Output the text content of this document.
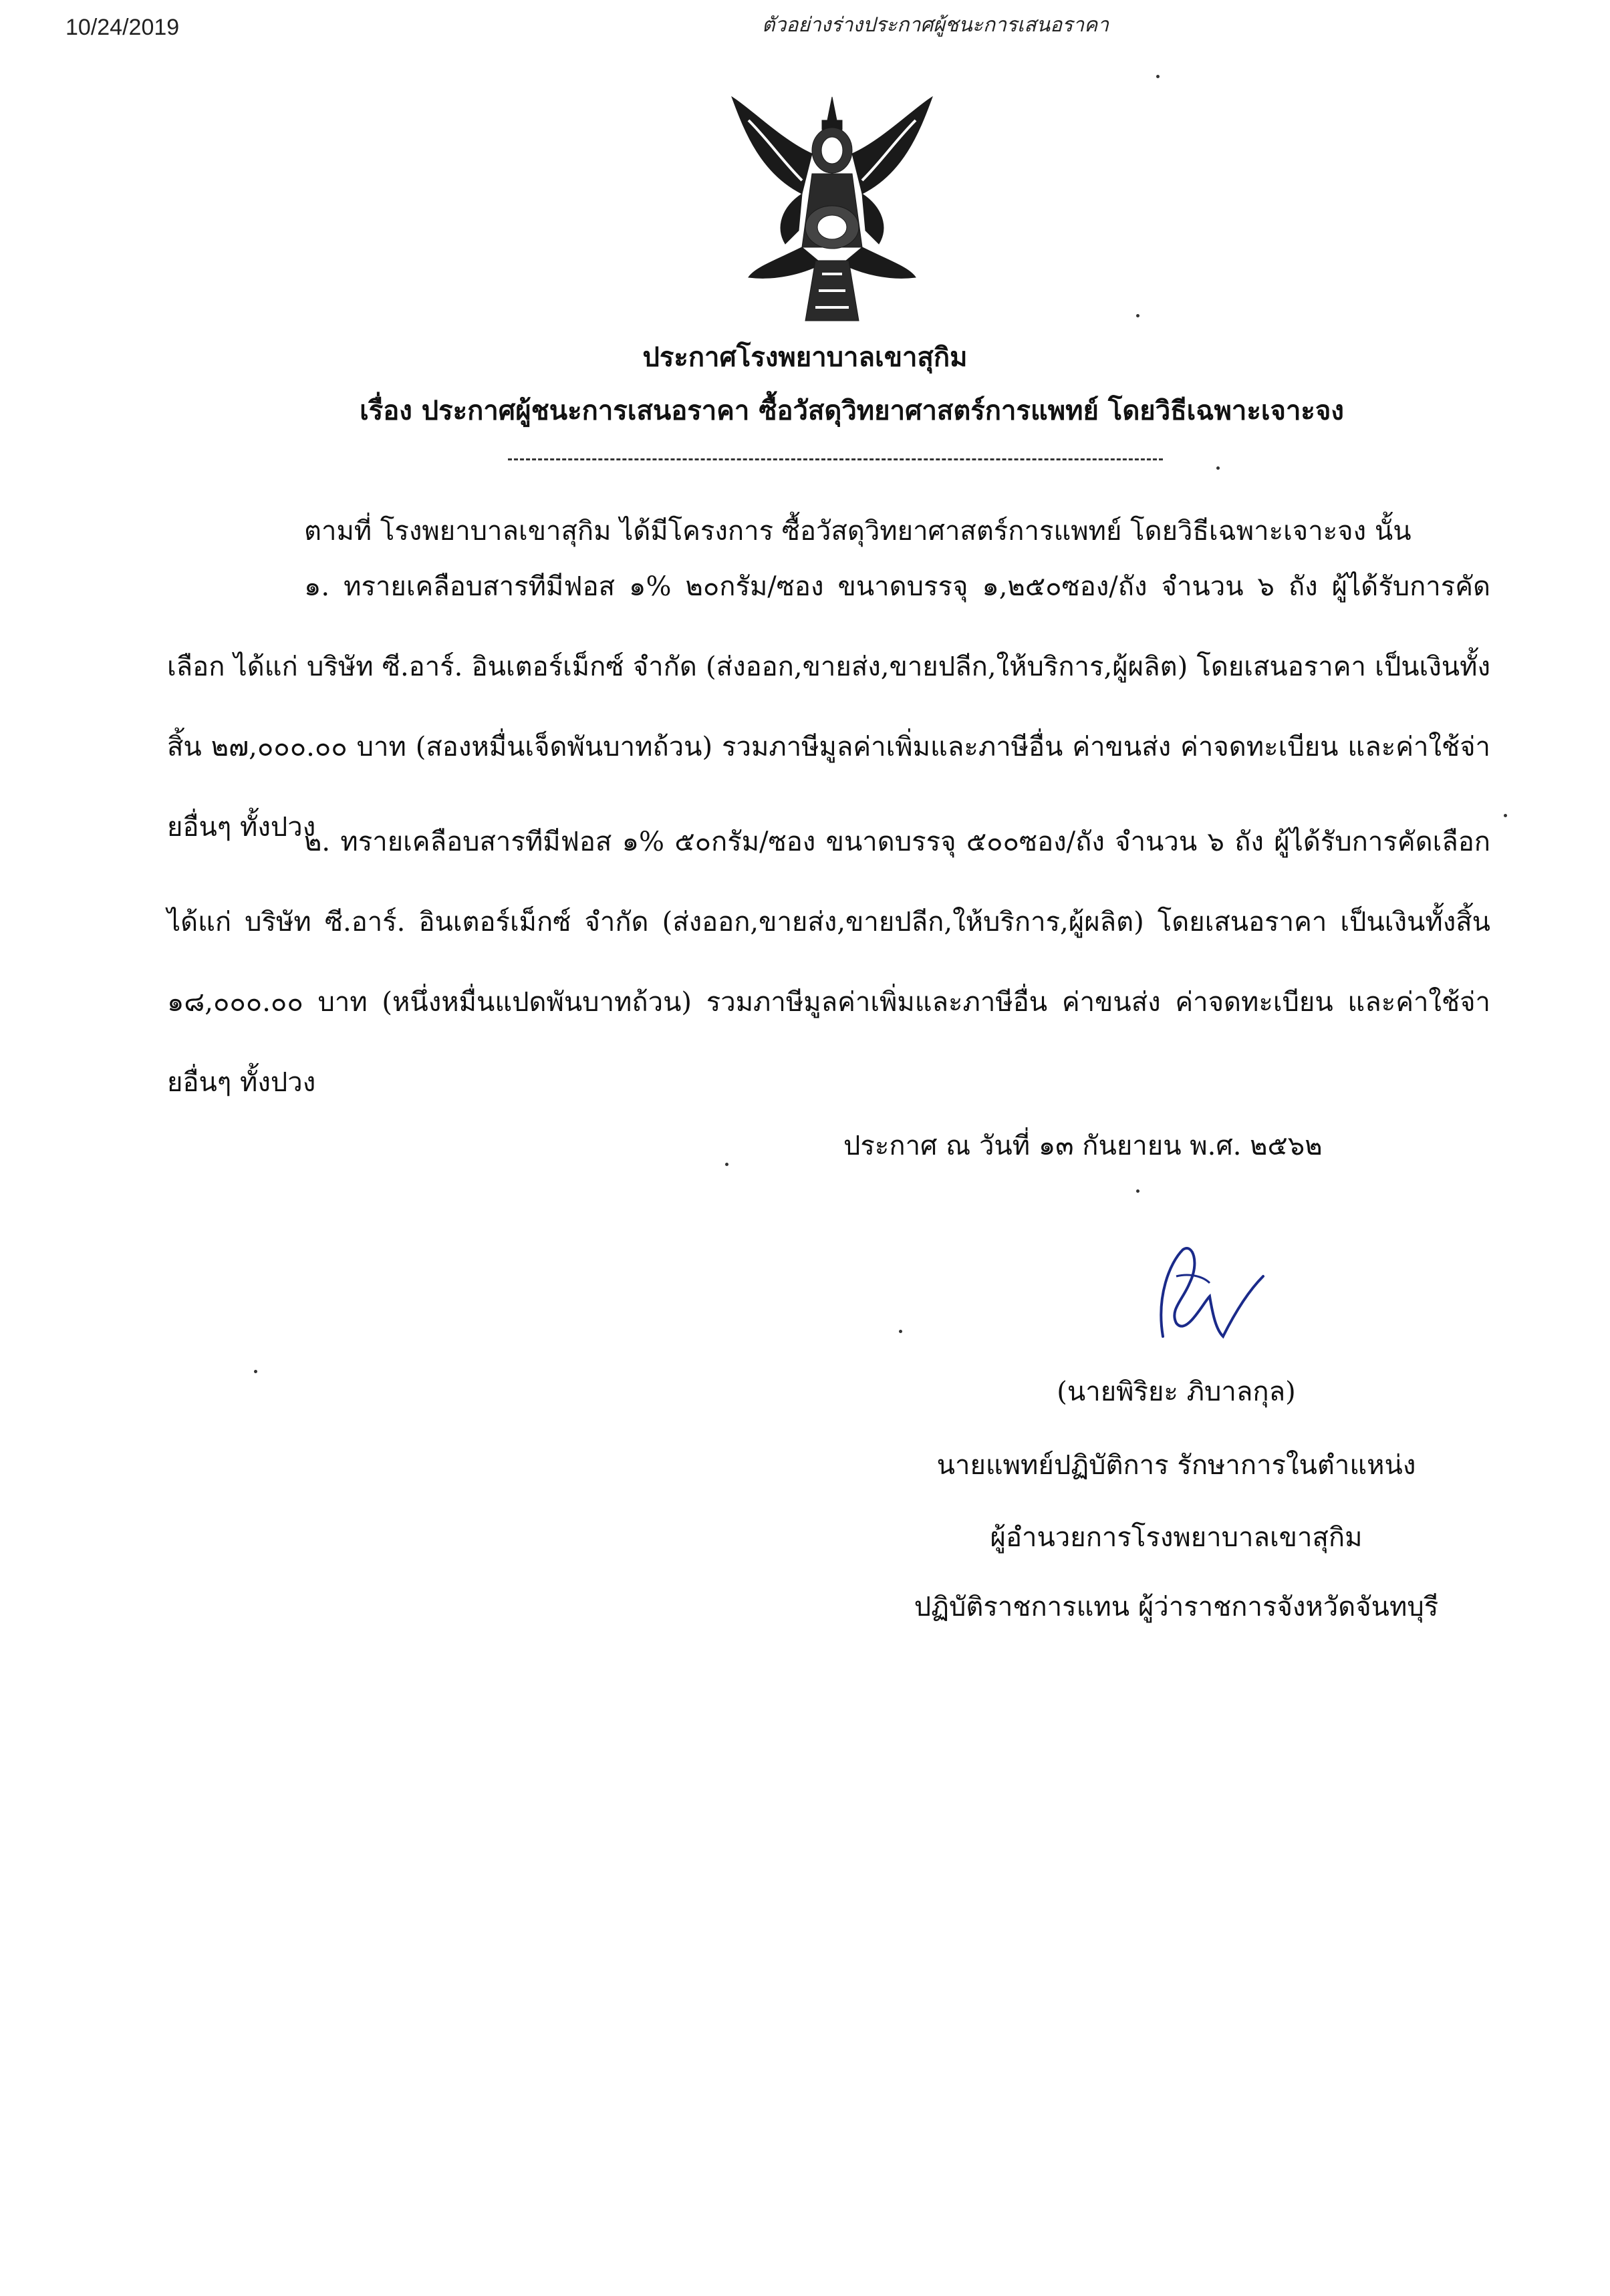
10/24/2019	ตัวอย่างร่างประกาศผู้ชนะการเสนอราคา
ประกาศโรงพยาบาลเขาสุกิม
เรื่อง ประกาศผู้ชนะการเสนอราคา ซื้อวัสดุวิทยาศาสตร์การแพทย์ โดยวิธีเฉพาะเจาะจง
ตามที่ โรงพยาบาลเขาสุกิม ได้มีโครงการ ซื้อวัสดุวิทยาศาสตร์การแพทย์ โดยวิธีเฉพาะเจาะจง นั้น
๑. ทรายเคลือบสารทีมีฟอส ๑% ๒๐กรัม/ซอง ขนาดบรรจุ ๑,๒๕๐ซอง/ถัง จำนวน ๖ ถัง ผู้ได้รับการคัดเลือก ได้แก่ บริษัท ซี.อาร์. อินเตอร์เม็กซ์ จำกัด (ส่งออก,ขายส่ง,ขายปลีก,ให้บริการ,ผู้ผลิต) โดยเสนอราคา เป็นเงินทั้งสิ้น ๒๗,๐๐๐.๐๐ บาท (สองหมื่นเจ็ดพันบาทถ้วน) รวมภาษีมูลค่าเพิ่มและภาษีอื่น ค่าขนส่ง ค่าจดทะเบียน และค่าใช้จ่ายอื่นๆ ทั้งปวง
๒. ทรายเคลือบสารทีมีฟอส ๑% ๕๐กรัม/ซอง ขนาดบรรจุ ๕๐๐ซอง/ถัง จำนวน ๖ ถัง ผู้ได้รับการคัดเลือก ได้แก่ บริษัท ซี.อาร์. อินเตอร์เม็กซ์ จำกัด (ส่งออก,ขายส่ง,ขายปลีก,ให้บริการ,ผู้ผลิต) โดยเสนอราคา เป็นเงินทั้งสิ้น ๑๘,๐๐๐.๐๐ บาท (หนึ่งหมื่นแปดพันบาทถ้วน) รวมภาษีมูลค่าเพิ่มและภาษีอื่น ค่าขนส่ง ค่าจดทะเบียน และค่าใช้จ่ายอื่นๆ ทั้งปวง
ประกาศ ณ วันที่ ๑๓ กันยายน พ.ศ. ๒๕๖๒
(นายพิริยะ ภิบาลกุล)
นายแพทย์ปฏิบัติการ รักษาการในตำแหน่ง
ผู้อำนวยการโรงพยาบาลเขาสุกิม
ปฏิบัติราชการแทน ผู้ว่าราชการจังหวัดจันทบุรี
